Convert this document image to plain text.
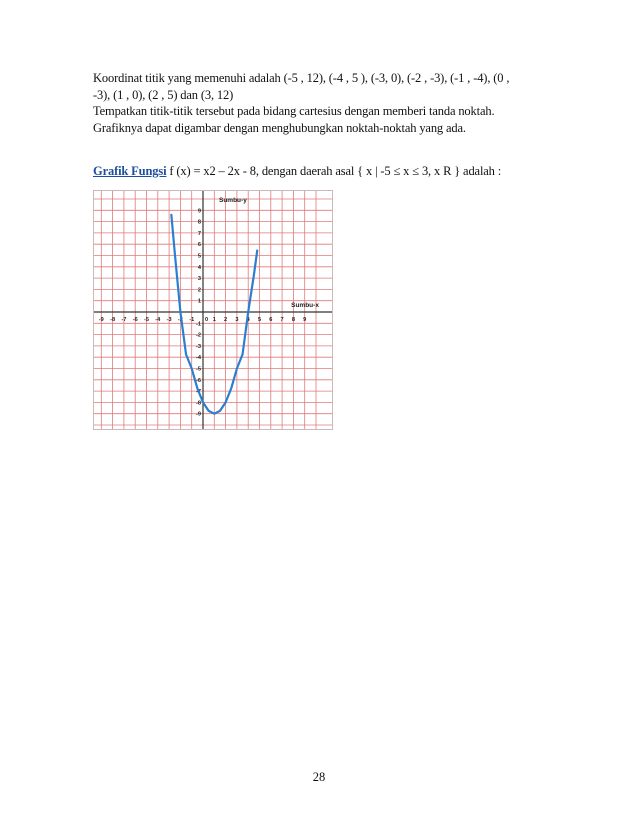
Koordinat titik yang memenuhi adalah (-5 , 12), (-4 , 5 ), (-3, 0), (-2 , -3), (-1 , -4), (0 ,
-3), (1 , 0), (2 , 5) dan (3, 12)
Tempatkan titik-titik tersebut pada bidang cartesius dengan memberi tanda noktah.
Grafiknya dapat digambar dengan menghubungkan noktah-noktah yang ada.

Grafik Fungsi f (x) = x2 – 2x - 8, dengan daerah asal { x | -5 ≤ x ≤ 3, x R } adalah :

-9 -8 -7 -6 -5 -4 -3 -2 -1	1 2 3 4 5 6 7 8 9
9
8
7
6
5
4
3
2
1
-1
-2
-3
-4
-5
-6
-7
-8
-9
0
Sumbu-y
Sumbu-x
28
